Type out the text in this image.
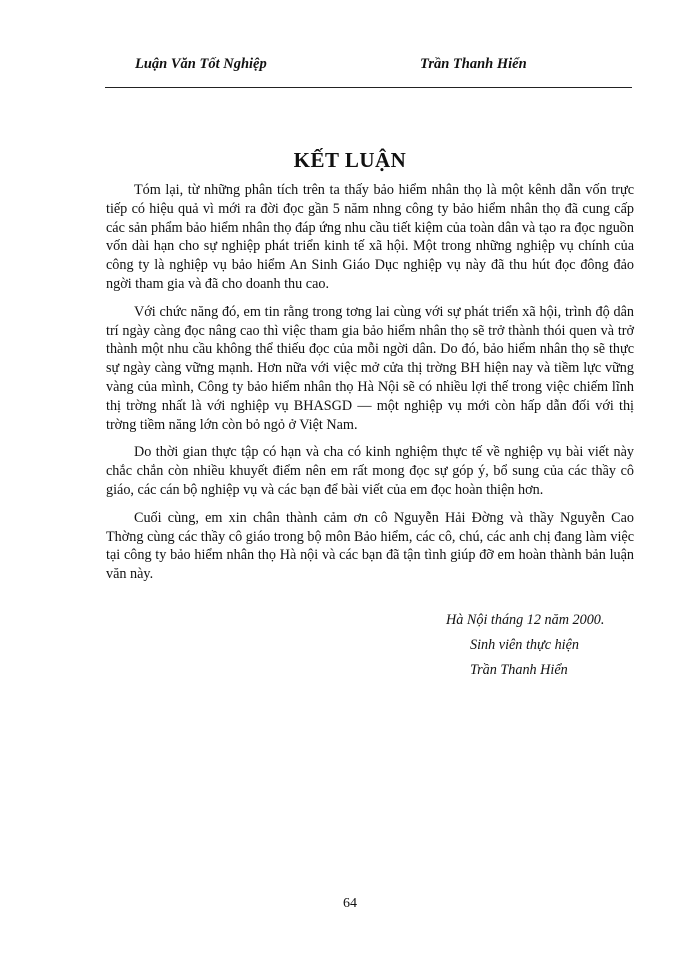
Luận Văn Tốt Nghiệp	Trần Thanh Hiển
KẾT LUẬN

Tóm lại, từ những phân tích trên ta thấy bảo hiểm nhân thọ là một kênh dẫn vốn trực tiếp có hiệu quả vì mới ra đời đọc gần 5 năm nhng công ty bảo hiểm nhân thọ đã cung cấp các sản phẩm bảo hiểm nhân thọ đáp ứng nhu cầu tiết kiệm của toàn dân và tạo ra đọc nguồn vốn dài hạn cho sự nghiệp phát triển kinh tế xã hội. Một trong những nghiệp vụ chính của công ty là nghiệp vụ bảo hiểm An Sinh Giáo Dục nghiệp vụ này đã thu hút đọc đông đảo ngời tham gia và đã cho doanh thu cao.

Với chức năng đó, em tin rằng trong tơng lai cùng với sự phát triển xã hội, trình độ dân trí ngày càng đọc nâng cao thì việc tham gia bảo hiểm nhân thọ sẽ trở thành thói quen và trở thành một nhu cầu không thể thiếu đọc của mỗi ngời dân. Do đó, bảo hiểm nhân thọ sẽ thực sự ngày càng vững mạnh. Hơn nữa với việc mở cửa thị trờng BH hiện nay và tiềm lực vững vàng của mình, Công ty bảo hiểm nhân thọ Hà Nội sẽ có nhiều lợi thế trong việc chiếm lĩnh thị trờng nhất là với nghiệp vụ BHASGD — một nghiệp vụ mới còn hấp dẫn đối với thị trờng tiềm năng lớn còn bỏ ngỏ ở Việt Nam.

Do thời gian thực tập có hạn và cha có kinh nghiệm thực tế về nghiệp vụ bài viết này chắc chắn còn nhiều khuyết điểm nên em rất mong đọc sự góp ý, bổ sung của các thầy cô giáo, các cán bộ nghiệp vụ và các bạn để bài viết của em đọc hoàn thiện hơn.

Cuối cùng, em xin chân thành cảm ơn cô Nguyễn Hải Đờng và thầy Nguyễn Cao Thờng cùng các thầy cô giáo trong bộ môn Bảo hiểm, các cô, chú, các anh chị đang làm việc tại công ty bảo hiểm nhân thọ Hà nội và các bạn đã tận tình giúp đỡ em hoàn thành bản luận văn này.

Hà Nội tháng 12 năm 2000.
Sinh viên thực hiện
Trần Thanh Hiển
64
